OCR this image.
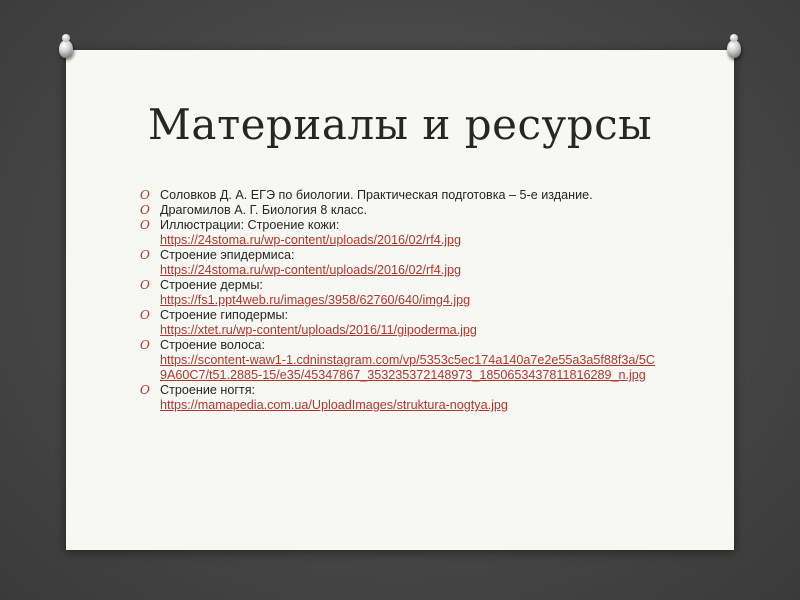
Материалы и ресурсы
O Соловков Д. А. ЕГЭ по биологии. Практическая подготовка – 5-е издание.
O Драгомилов А. Г. Биология 8 класс.
O Иллюстрации: Строение кожи:
https://24stoma.ru/wp-content/uploads/2016/02/rf4.jpg
O Строение эпидермиса:
https://24stoma.ru/wp-content/uploads/2016/02/rf4.jpg
O Строение дермы:
https://fs1.ppt4web.ru/images/3958/62760/640/img4.jpg
O Строение гиподермы:
https://xtet.ru/wp-content/uploads/2016/11/gipoderma.jpg
O Строение волоса:
https://scontent-waw1-1.cdninstagram.com/vp/5353c5ec174a140a7e2e55a3a5f88f3a/5C9A60C7/t51.2885-15/e35/45347867_353235372148973_1850653437811816289_n.jpg
O Строение ногтя:
https://mamapedia.com.ua/UploadImages/struktura-nogtya.jpg
